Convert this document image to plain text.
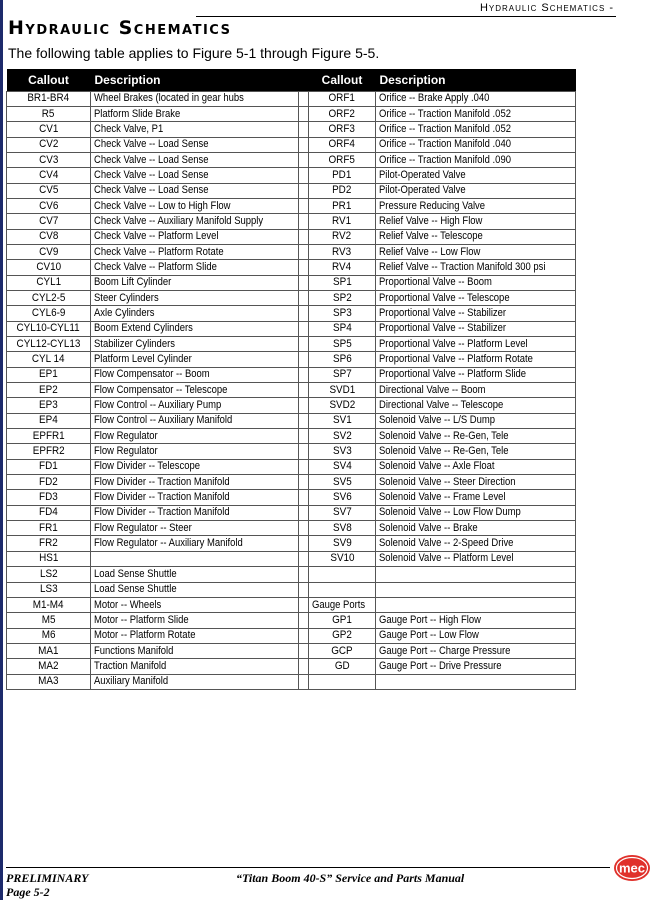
Hydraulic Schematics -
Hydraulic Schematics
The following table applies to Figure 5-1 through Figure 5-5.
Callout	Description		Callout	Description
BR1-BR4	Wheel Brakes (located in gear hubs		ORF1	Orifice -- Brake Apply .040
R5	Platform Slide Brake		ORF2	Orifice -- Traction Manifold .052
CV1	Check Valve, P1		ORF3	Orifice -- Traction Manifold .052
CV2	Check Valve -- Load Sense		ORF4	Orifice -- Traction Manifold .040
CV3	Check Valve -- Load Sense		ORF5	Orifice -- Traction Manifold .090
CV4	Check Valve -- Load Sense		PD1	Pilot-Operated Valve
CV5	Check Valve -- Load Sense		PD2	Pilot-Operated Valve
CV6	Check Valve -- Low to High Flow		PR1	Pressure Reducing Valve
CV7	Check Valve -- Auxiliary Manifold Supply		RV1	Relief Valve -- High Flow
CV8	Check Valve -- Platform Level		RV2	Relief Valve -- Telescope
CV9	Check Valve -- Platform Rotate		RV3	Relief Valve -- Low Flow
CV10	Check Valve -- Platform Slide		RV4	Relief Valve -- Traction Manifold 300 psi
CYL1	Boom Lift Cylinder		SP1	Proportional Valve -- Boom
CYL2-5	Steer Cylinders		SP2	Proportional Valve -- Telescope
CYL6-9	Axle Cylinders		SP3	Proportional Valve -- Stabilizer
CYL10-CYL11	Boom Extend Cylinders		SP4	Proportional Valve -- Stabilizer
CYL12-CYL13	Stabilizer Cylinders		SP5	Proportional Valve -- Platform Level
CYL 14	Platform Level Cylinder		SP6	Proportional Valve -- Platform Rotate
EP1	Flow Compensator -- Boom		SP7	Proportional Valve -- Platform Slide
EP2	Flow Compensator -- Telescope		SVD1	Directional Valve -- Boom
EP3	Flow Control -- Auxiliary Pump		SVD2	Directional Valve -- Telescope
EP4	Flow Control -- Auxiliary Manifold		SV1	Solenoid Valve -- L/S Dump
EPFR1	Flow Regulator		SV2	Solenoid Valve -- Re-Gen, Tele
EPFR2	Flow Regulator		SV3	Solenoid Valve -- Re-Gen, Tele
FD1	Flow Divider -- Telescope		SV4	Solenoid Valve -- Axle Float
FD2	Flow Divider -- Traction Manifold		SV5	Solenoid Valve -- Steer Direction
FD3	Flow Divider -- Traction Manifold		SV6	Solenoid Valve -- Frame Level
FD4	Flow Divider -- Traction Manifold		SV7	Solenoid Valve -- Low Flow Dump
FR1	Flow Regulator -- Steer		SV8	Solenoid Valve -- Brake
FR2	Flow Regulator -- Auxiliary Manifold		SV9	Solenoid Valve -- 2-Speed Drive
HS1			SV10	Solenoid Valve -- Platform Level
LS2	Load Sense Shuttle			
LS3	Load Sense Shuttle			
M1-M4	Motor -- Wheels		Gauge Ports	
M5	Motor -- Platform Slide		GP1	Gauge Port -- High Flow
M6	Motor -- Platform Rotate		GP2	Gauge Port -- Low Flow
MA1	Functions Manifold		GCP	Gauge Port -- Charge Pressure
MA2	Traction Manifold		GD	Gauge Port -- Drive Pressure
MA3	Auxiliary Manifold			
PRELIMINARY
Page 5-2
“Titan Boom 40-S” Service and Parts Manual
mec
